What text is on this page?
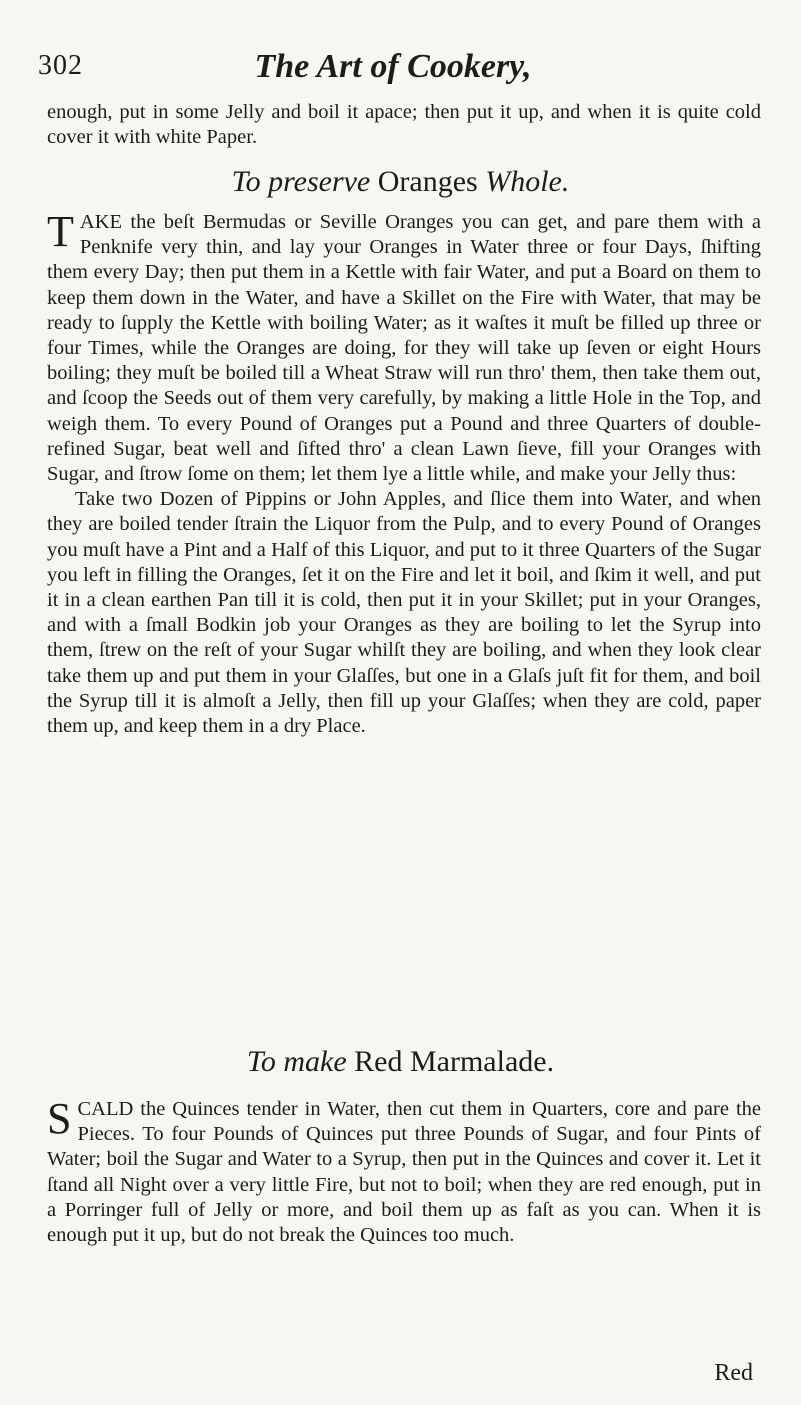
302	The Art of Cookery,

enough, put in some Jelly and boil it apace; then put it up, and when it is quite cold cover it with white Paper.

To preserve Oranges Whole.

TAKE the beſt Bermudas or Seville Oranges you can get, and pare them with a Penknife very thin, and lay your Oranges in Water three or four Days, ſhifting them every Day; then put them in a Kettle with fair Water, and put a Board on them to keep them down in the Water, and have a Skillet on the Fire with Water, that may be ready to ſupply the Kettle with boiling Water; as it waſtes it muſt be filled up three or four Times, while the Oranges are doing, for they will take up ſeven or eight Hours boiling; they muſt be boiled till a Wheat Straw will run thro' them, then take them out, and ſcoop the Seeds out of them very carefully, by making a little Hole in the Top, and weigh them. To every Pound of Oranges put a Pound and three Quarters of double-refined Sugar, beat well and ſifted thro' a clean Lawn ſieve, fill your Oranges with Sugar, and ſtrow ſome on them; let them lye a little while, and make your Jelly thus:

Take two Dozen of Pippins or John Apples, and ſlice them into Water, and when they are boiled tender ſtrain the Liquor from the Pulp, and to every Pound of Oranges you muſt have a Pint and a Half of this Liquor, and put to it three Quarters of the Sugar you left in filling the Oranges, ſet it on the Fire and let it boil, and ſkim it well, and put it in a clean earthen Pan till it is cold, then put it in your Skillet; put in your Oranges, and with a ſmall Bodkin job your Oranges as they are boiling to let the Syrup into them, ſtrew on the reſt of your Sugar whilſt they are boiling, and when they look clear take them up and put them in your Glaſſes, but one in a Glaſs juſt fit for them, and boil the Syrup till it is almoſt a Jelly, then fill up your Glaſſes; when they are cold, paper them up, and keep them in a dry Place.

To make Red Marmalade.

SCALD the Quinces tender in Water, then cut them in Quarters, core and pare the Pieces. To four Pounds of Quinces put three Pounds of Sugar, and four Pints of Water; boil the Sugar and Water to a Syrup, then put in the Quinces and cover it. Let it ſtand all Night over a very little Fire, but not to boil; when they are red enough, put in a Porringer full of Jelly or more, and boil them up as faſt as you can. When it is enough put it up, but do not break the Quinces too much.

Red
